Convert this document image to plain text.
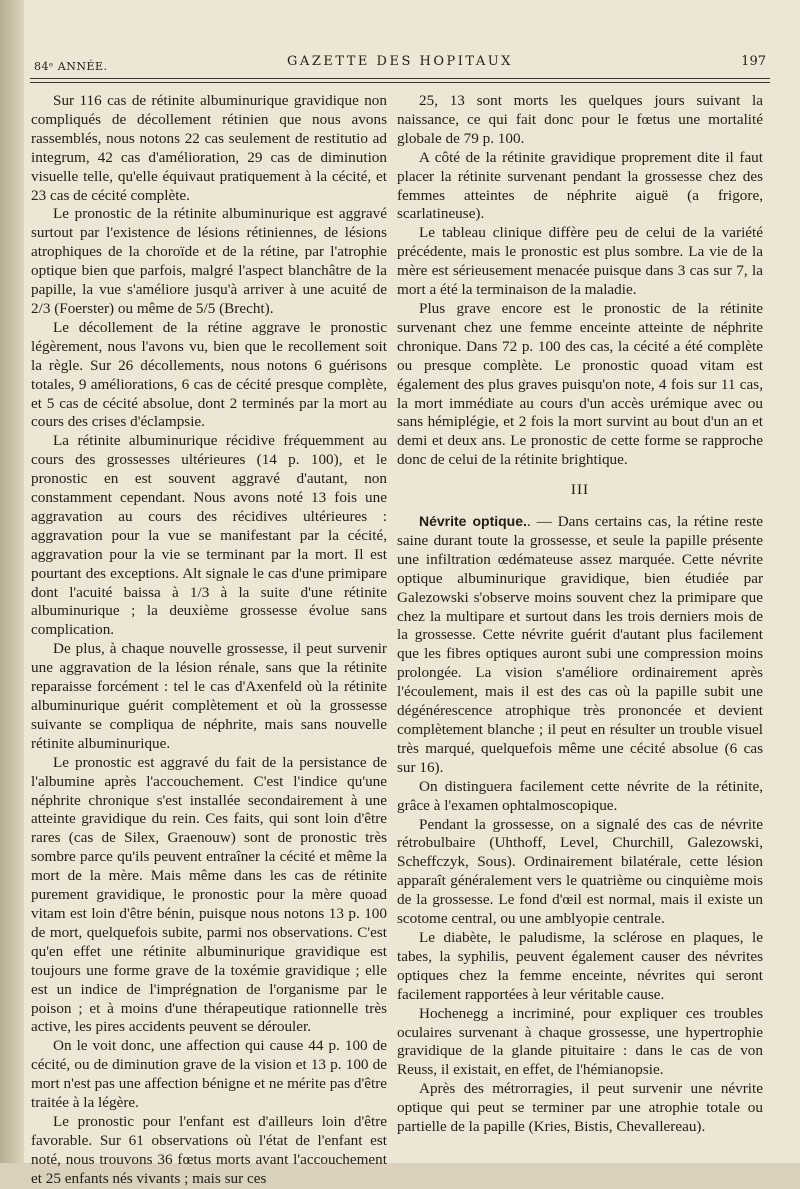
84ᵉ ANNÉE.	GAZETTE DES HOPITAUX	197

Sur 116 cas de rétinite albuminurique gravidique non compliqués de décollement rétinien que nous avons rassemblés, nous notons 22 cas seulement de restitutio ad integrum, 42 cas d'amélioration, 29 cas de diminution visuelle telle, qu'elle équivaut pratiquement à la cécité, et 23 cas de cécité complète.

Le pronostic de la rétinite albuminurique est aggravé surtout par l'existence de lésions rétiniennes, de lésions atrophiques de la choroïde et de la rétine, par l'atrophie optique bien que parfois, malgré l'aspect blanchâtre de la papille, la vue s'améliore jusqu'à arriver à une acuité de 2/3 (Foerster) ou même de 5/5 (Brecht).

Le décollement de la rétine aggrave le pronostic légèrement, nous l'avons vu, bien que le recollement soit la règle. Sur 26 décollements, nous notons 6 guérisons totales, 9 améliorations, 6 cas de cécité presque complète, et 5 cas de cécité absolue, dont 2 terminés par la mort au cours des crises d'éclampsie.

La rétinite albuminurique récidive fréquemment au cours des grossesses ultérieures (14 p. 100), et le pronostic en est souvent aggravé d'autant, non constamment cependant. Nous avons noté 13 fois une aggravation au cours des récidives ultérieures : aggravation pour la vue se manifestant par la cécité, aggravation pour la vie se terminant par la mort. Il est pourtant des exceptions. Alt signale le cas d'une primipare dont l'acuité baissa à 1/3 à la suite d'une rétinite albuminurique ; la deuxième grossesse évolue sans complication.

De plus, à chaque nouvelle grossesse, il peut survenir une aggravation de la lésion rénale, sans que la rétinite reparaisse forcément : tel le cas d'Axenfeld où la rétinite albuminurique guérit complètement et où la grossesse suivante se compliqua de néphrite, mais sans nouvelle rétinite albuminurique.

Le pronostic est aggravé du fait de la persistance de l'albumine après l'accouchement. C'est l'indice qu'une néphrite chronique s'est installée secondairement à une atteinte gravidique du rein. Ces faits, qui sont loin d'être rares (cas de Silex, Graenouw) sont de pronostic très sombre parce qu'ils peuvent entraîner la cécité et même la mort de la mère. Mais même dans les cas de rétinite purement gravidique, le pronostic pour la mère quoad vitam est loin d'être bénin, puisque nous notons 13 p. 100 de mort, quelquefois subite, parmi nos observations. C'est qu'en effet une rétinite albuminurique gravidique est toujours une forme grave de la toxémie gravidique ; elle est un indice de l'imprégnation de l'organisme par le poison ; et à moins d'une thérapeutique rationnelle très active, les pires accidents peuvent se dérouler.

On le voit donc, une affection qui cause 44 p. 100 de cécité, ou de diminution grave de la vision et 13 p. 100 de mort n'est pas une affection bénigne et ne mérite pas d'être traitée à la légère.

Le pronostic pour l'enfant est d'ailleurs loin d'être favorable. Sur 61 observations où l'état de l'enfant est noté, nous trouvons 36 fœtus morts avant l'accouchement et 25 enfants nés vivants ; mais sur ces

25, 13 sont morts les quelques jours suivant la naissance, ce qui fait donc pour le fœtus une mortalité globale de 79 p. 100.

A côté de la rétinite gravidique proprement dite il faut placer la rétinite survenant pendant la grossesse chez des femmes atteintes de néphrite aiguë (a frigore, scarlatineuse).

Le tableau clinique diffère peu de celui de la variété précédente, mais le pronostic est plus sombre. La vie de la mère est sérieusement menacée puisque dans 3 cas sur 7, la mort a été la terminaison de la maladie.

Plus grave encore est le pronostic de la rétinite survenant chez une femme enceinte atteinte de néphrite chronique. Dans 72 p. 100 des cas, la cécité a été complète ou presque complète. Le pronostic quoad vitam est également des plus graves puisqu'on note, 4 fois sur 11 cas, la mort immédiate au cours d'un accès urémique avec ou sans hémiplégie, et 2 fois la mort survint au bout d'un an et demi et deux ans. Le pronostic de cette forme se rapproche donc de celui de la rétinite brightique.

III

Névrite optique.. — Dans certains cas, la rétine reste saine durant toute la grossesse, et seule la papille présente une infiltration œdémateuse assez marquée. Cette névrite optique albuminurique gravidique, bien étudiée par Galezowski s'observe moins souvent chez la primipare que chez la multipare et surtout dans les trois derniers mois de la grossesse. Cette névrite guérit d'autant plus facilement que les fibres optiques auront subi une compression moins prolongée. La vision s'améliore ordinairement après l'écoulement, mais il est des cas où la papille subit une dégénérescence atrophique très prononcée et devient complètement blanche ; il peut en résulter un trouble visuel très marqué, quelquefois même une cécité absolue (6 cas sur 16).

On distinguera facilement cette névrite de la rétinite, grâce à l'examen ophtalmoscopique.

Pendant la grossesse, on a signalé des cas de névrite rétrobulbaire (Uhthoff, Level, Churchill, Galezowski, Scheffczyk, Sous). Ordinairement bilatérale, cette lésion apparaît généralement vers le quatrième ou cinquième mois de la grossesse. Le fond d'œil est normal, mais il existe un scotome central, ou une amblyopie centrale.

Le diabète, le paludisme, la sclérose en plaques, le tabes, la syphilis, peuvent également causer des névrites optiques chez la femme enceinte, névrites qui seront facilement rapportées à leur véritable cause.

Hochenegg a incriminé, pour expliquer ces troubles oculaires survenant à chaque grossesse, une hypertrophie gravidique de la glande pituitaire : dans le cas de von Reuss, il existait, en effet, de l'hémianopsie.

Après des métrorragies, il peut survenir une névrite optique qui peut se terminer par une atrophie totale ou partielle de la papille (Kries, Bistis, Chevallereau).
